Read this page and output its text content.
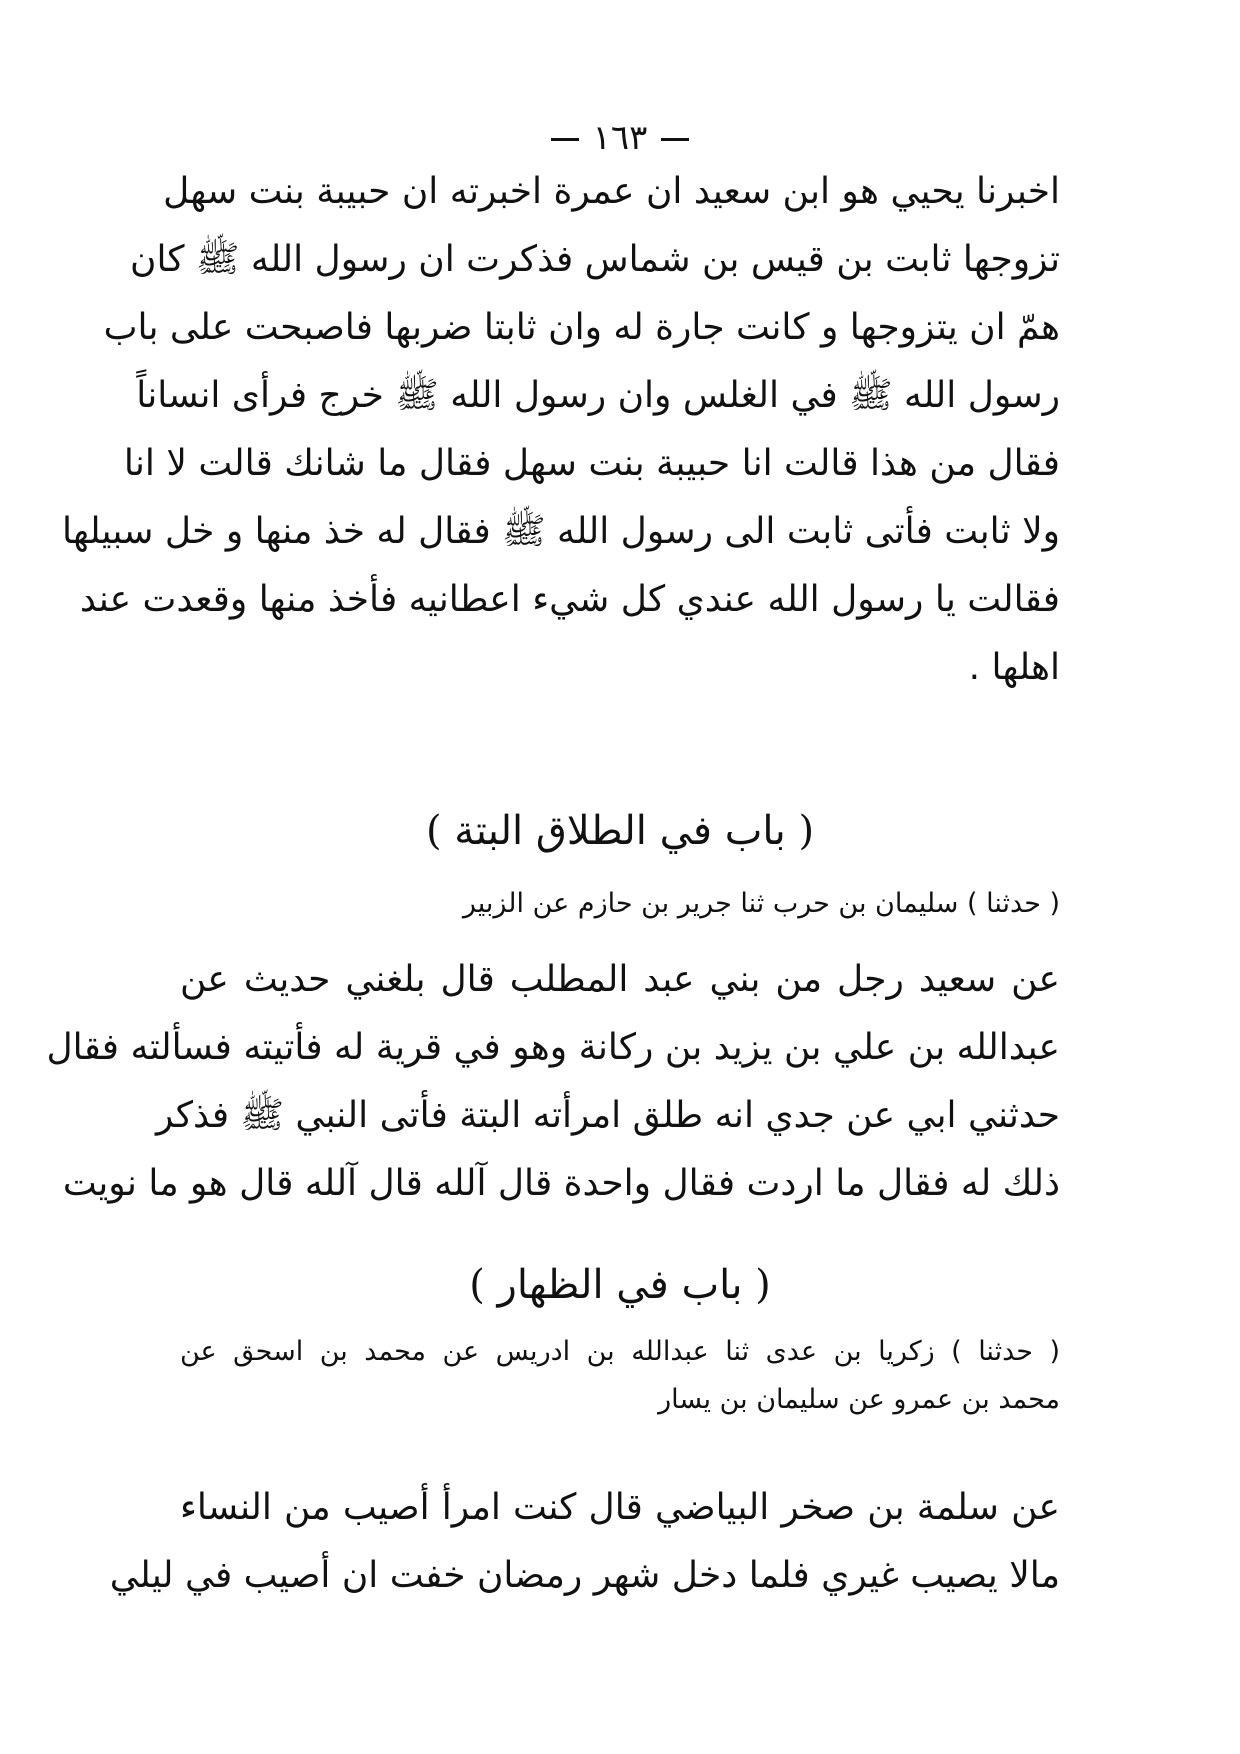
١٦٣
اخبرنا يحيي هو ابن سعيد ان عمرة اخبرته ان حبيبة بنت سهل
تزوجها ثابت بن قيس بن شماس فذكرت ان رسول الله ﷺ كان
همّ ان يتزوجها و كانت جارة له وان ثابتا ضربها فاصبحت على باب
رسول الله ﷺ في الغلس وان رسول الله ﷺ خرج فرأى انساناً
فقال من هذا قالت انا حبيبة بنت سهل فقال ما شانك قالت لا انا
ولا ثابت فأتى ثابت الى رسول الله ﷺ فقال له خذ منها و خل سبيلها
فقالت يا رسول الله عندي كل شيء اعطانيه فأخذ منها وقعدت عند
اهلها .
( باب في الطلاق البتة )
( حدثنا ) سليمان بن حرب ثنا جرير بن حازم عن الزبير
عن سعيد رجل من بني عبد المطلب قال بلغني حديث عن
عبدالله بن علي بن يزيد بن ركانة وهو في قرية له فأتيته فسألته فقال
حدثني ابي عن جدي انه طلق امرأته البتة فأتى النبي ﷺ فذكر
ذلك له فقال ما اردت فقال واحدة قال آلله قال آلله قال هو ما نويت
( باب في الظهار )
( حدثنا ) زكريا بن عدى ثنا عبدالله بن ادريس عن محمد بن اسحق عن
محمد بن عمرو عن سليمان بن يسار
عن سلمة بن صخر البياضي قال كنت امرأ أصيب من النساء
مالا يصيب غيري فلما دخل شهر رمضان خفت ان أصيب في ليلي
